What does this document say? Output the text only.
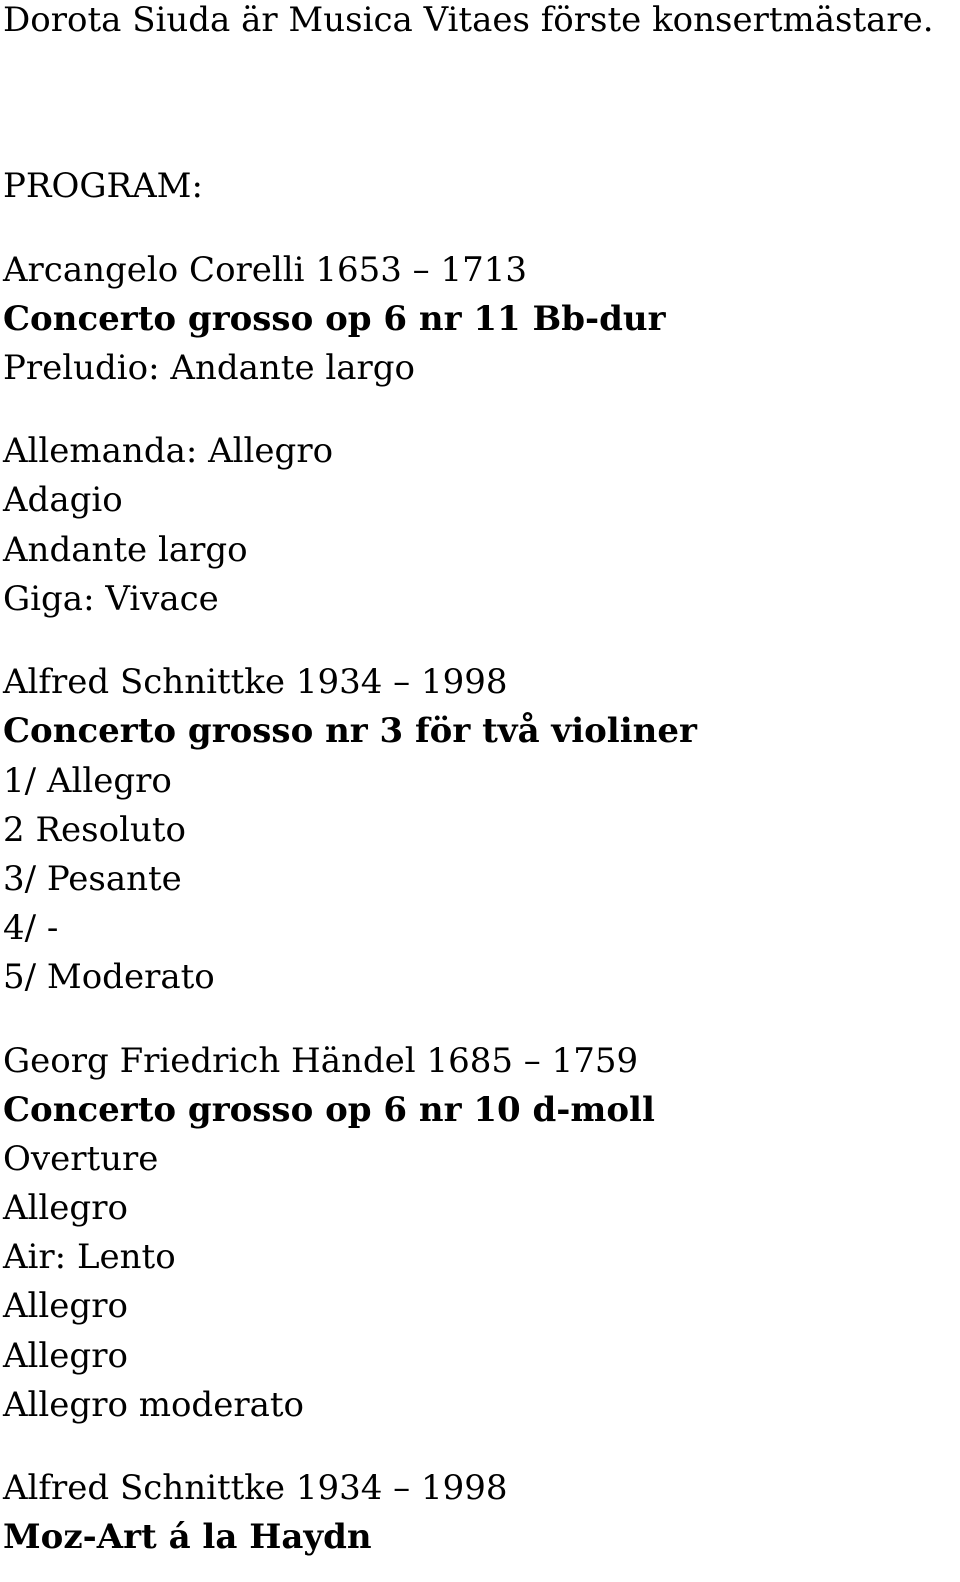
Dorota Siuda är Musica Vitaes förste konsertmästare.

PROGRAM:

Arcangelo Corelli 1653 – 1713

Concerto grosso op 6 nr 11 Bb-dur

Preludio: Andante largo

Allemanda: Allegro

Adagio

Andante largo

Giga: Vivace

Alfred Schnittke 1934 – 1998

Concerto grosso nr 3 för två violiner

1/ Allegro

2 Resoluto

3/ Pesante

4/ -

5/ Moderato

Georg Friedrich Händel 1685 – 1759

Concerto grosso op 6 nr 10 d-moll

Overture

Allegro

Air: Lento

Allegro

Allegro

Allegro moderato

Alfred Schnittke 1934 – 1998

Moz-Art á la Haydn
